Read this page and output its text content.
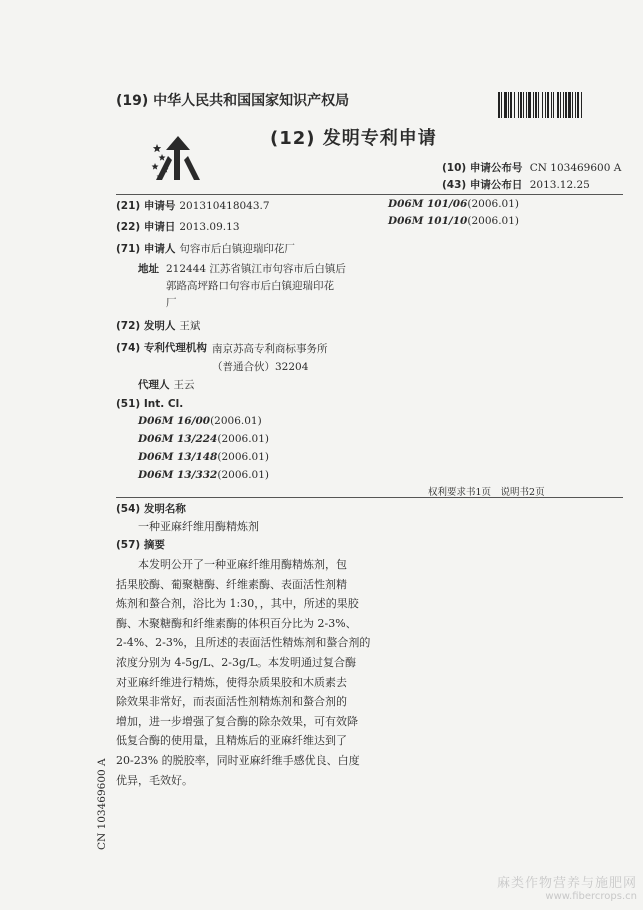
(19) 中华人民共和国国家知识产权局
(12) 发明专利申请
(10) 申请公布号 CN 103469600 A
(43) 申请公布日 2013.12.25
(21) 申请号 201310418043.7
(22) 申请日 2013.09.13
(71) 申请人 句容市后白镇迎瑞印花厂
地址 212444 江苏省镇江市句容市后白镇后
郭路高坪路口句容市后白镇迎瑞印花
厂
(72) 发明人 王斌
(74) 专利代理机构 南京苏高专利商标事务所
（普通合伙）32204
代理人 王云
(51) Int. Cl.
D06M 16/00(2006.01)
D06M 13/224(2006.01)
D06M 13/148(2006.01)
D06M 13/332(2006.01)
D06M 101/06(2006.01)
D06M 101/10(2006.01)
权利要求书1页　说明书2页
(54) 发明名称
一种亚麻纤维用酶精炼剂
(57) 摘要
　　本发明公开了一种亚麻纤维用酶精炼剂，包
括果胶酶、葡聚糖酶、纤维素酶、表面活性剂精
炼剂和螯合剂，浴比为 1:30，，其中，所述的果胶
酶、木聚糖酶和纤维素酶的体积百分比为 2-3%、
2-4%、2-3%，且所述的表面活性精炼剂和螯合剂的
浓度分别为 4-5g/L、2-3g/L。本发明通过复合酶
对亚麻纤维进行精炼，使得杂质果胶和木质素去
除效果非常好，而表面活性剂精炼剂和螯合剂的
增加，进一步增强了复合酶的除杂效果，可有效降
低复合酶的使用量，且精炼后的亚麻纤维达到了
20-23% 的脱胶率，同时亚麻纤维手感优良、白度
优异，毛效好。
CN 103469600 A
麻类作物营养与施肥网
www.fibercrops.cn
